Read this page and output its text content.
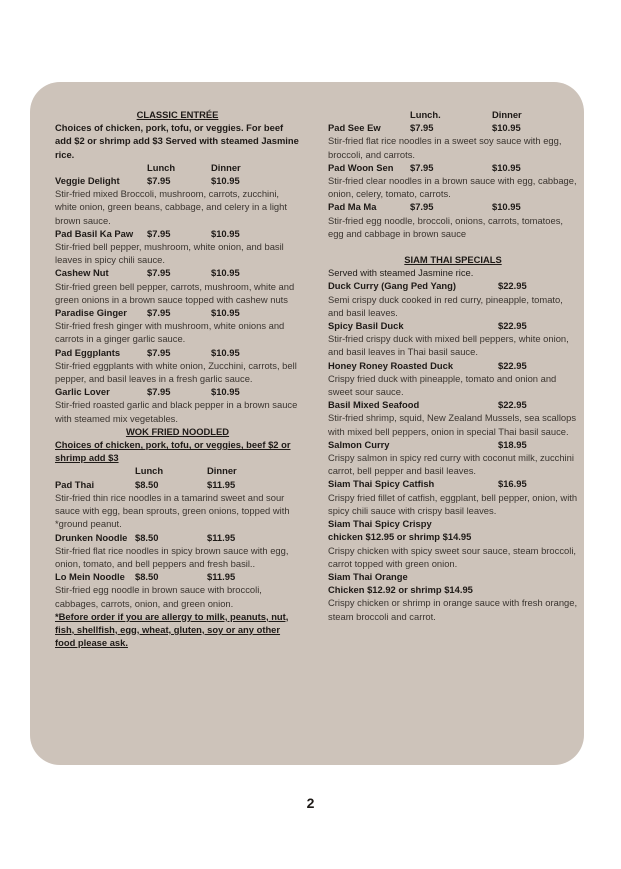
CLASSIC ENTRÉE
Choices of chicken, pork, tofu, or veggies. For beef add $2 or shrimp add $3 Served with steamed Jasmine rice.
Lunch	Dinner
Veggie Delight	$7.95	$10.95
Stir-fried mixed Broccoli, mushroom, carrots, zucchini, white onion, green beans, cabbage, and celery in a light brown sauce.
Pad Basil Ka Paw	$7.95	$10.95
Stir-fried bell pepper, mushroom, white onion, and basil leaves in spicy chili sauce.
Cashew Nut	$7.95	$10.95
Stir-fried green bell pepper, carrots, mushroom, white and green onions in a brown sauce topped with cashew nuts
Paradise Ginger	$7.95	$10.95
Stir-fried fresh ginger with mushroom, white onions and carrots in a ginger garlic sauce.
Pad Eggplants	$7.95	$10.95
Stir-fried eggplants with white onion, Zucchini, carrots, bell pepper, and basil leaves in a fresh garlic sauce.
Garlic Lover	$7.95	$10.95
Stir-fried roasted garlic and black pepper in a brown sauce with steamed mix vegetables.
WOK FRIED NOODLED
Choices of chicken, pork, tofu, or veggies, beef $2 or shrimp add $3
Lunch	Dinner
Pad Thai	$8.50	$11.95
Stir-fried thin rice noodles in a tamarind sweet and sour sauce with egg, bean sprouts, green onions, topped with *ground peanut.
Drunken Noodle $8.50	$11.95
Stir-fried flat rice noodles in spicy brown sauce with egg, onion, tomato, and bell peppers and fresh basil..
Lo Mein Noodle	$8.50	$11.95
Stir-fried egg noodle in brown sauce with broccoli, cabbages, carrots, onion, and green onion.
*Before order if you are allergy to milk, peanuts, nut, fish, shellfish, egg, wheat, gluten, soy or any other food please ask.
Lunch.	Dinner
Pad See Ew	$7.95	$10.95
Stir-fried flat rice noodles in a sweet soy sauce with egg, broccoli, and carrots.
Pad Woon Sen	$7.95	$10.95
Stir-fried clear noodles in a brown sauce with egg, cabbage, onion, celery, tomato, carrots.
Pad Ma Ma	$7.95	$10.95
Stir-fried egg noodle, broccoli, onions, carrots, tomatoes, egg and cabbage in brown sauce
SIAM THAI SPECIALS
Served with steamed Jasmine rice.
Duck Curry (Gang Ped Yang)	$22.95
Semi crispy duck cooked in red curry, pineapple, tomato, and basil leaves.
Spicy Basil Duck	$22.95
Stir-fried crispy duck with mixed bell peppers, white onion, and basil leaves in Thai basil sauce.
Honey Roney Roasted Duck	$22.95
Crispy fried duck with pineapple, tomato and onion and sweet sour sauce.
Basil Mixed Seafood	$22.95
Stir-fried shrimp, squid, New Zealand Mussels, sea scallops with mixed bell peppers, onion in special Thai basil sauce.
Salmon Curry	$18.95
Crispy salmon in spicy red curry with coconut milk, zucchini carrot, bell pepper and basil leaves.
Siam Thai Spicy Catfish	$16.95
Crispy fried fillet of catfish, eggplant, bell pepper, onion, with spicy chili sauce with crispy basil leaves.
Siam Thai Spicy Crispy
chicken $12.95 or shrimp $14.95
Crispy chicken with spicy sweet sour sauce, steam broccoli, carrot topped with green onion.
Siam Thai Orange
Chicken $12.92 or shrimp $14.95
Crispy chicken or shrimp in orange sauce with fresh orange, steam broccoli and carrot.
2
